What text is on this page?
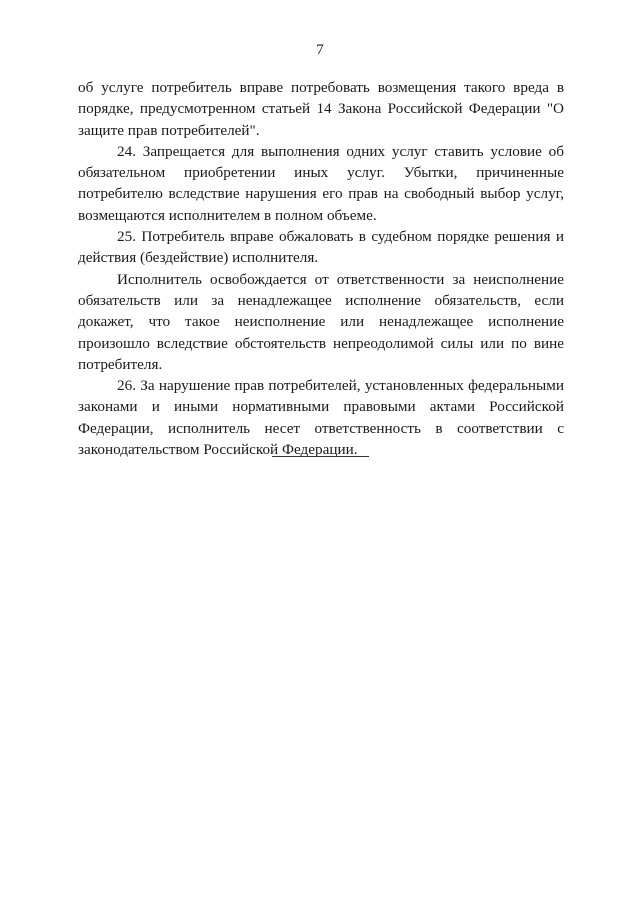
7

об услуге потребитель вправе потребовать возмещения такого вреда в порядке, предусмотренном статьей 14 Закона Российской Федерации "О защите прав потребителей".

24. Запрещается для выполнения одних услуг ставить условие об обязательном приобретении иных услуг. Убытки, причиненные потребителю вследствие нарушения его прав на свободный выбор услуг, возмещаются исполнителем в полном объеме.

25. Потребитель вправе обжаловать в судебном порядке решения и действия (бездействие) исполнителя.

Исполнитель освобождается от ответственности за неисполнение обязательств или за ненадлежащее исполнение обязательств, если докажет, что такое неисполнение или ненадлежащее исполнение произошло вследствие обстоятельств непреодолимой силы или по вине потребителя.

26. За нарушение прав потребителей, установленных федеральными законами и иными нормативными правовыми актами Российской Федерации, исполнитель несет ответственность в соответствии с законодательством Российской Федерации.
